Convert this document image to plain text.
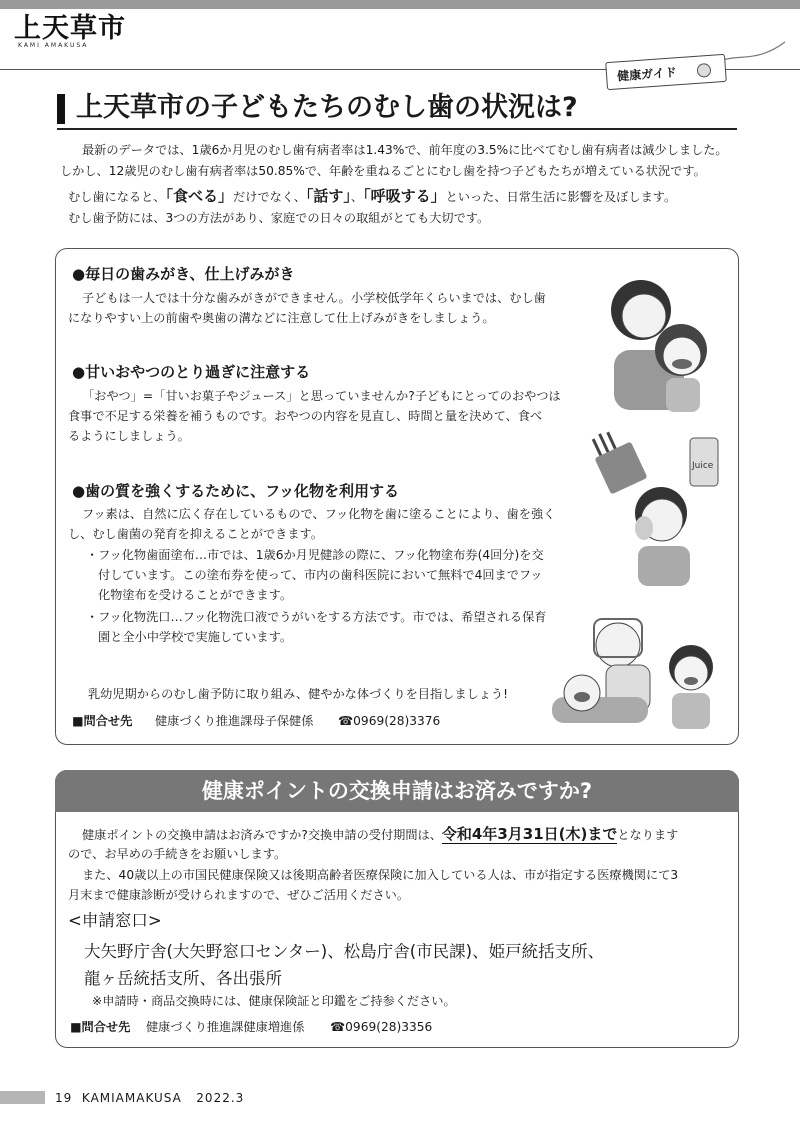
上天草市
KAMI AMAKUSA
健康ガイド
上天草市の子どもたちのむし歯の状況は?
最新のデータでは、1歳6か月児のむし歯有病者率は1.43%で、前年度の3.5%に比べてむし歯有病者は減少しました。
しかし、12歳児のむし歯有病者率は50.85%で、年齢を重ねるごとにむし歯を持つ子どもたちが増えている状況です。
むし歯になると、「食べる」だけでなく、「話す」、「呼吸する」といった、日常生活に影響を及ぼします。
むし歯予防には、3つの方法があり、家庭での日々の取組がとても大切です。
●毎日の歯みがき、仕上げみがき
子どもは一人では十分な歯みがきができません。小学校低学年くらいまでは、むし歯
になりやすい上の前歯や奥歯の溝などに注意して仕上げみがきをしましょう。
●甘いおやつのとり過ぎに注意する
「おやつ」=「甘いお菓子やジュース」と思っていませんか?子どもにとってのおやつは
食事で不足する栄養を補うものです。おやつの内容を見直し、時間と量を決めて、食べ
るようにしましょう。
●歯の質を強くするために、フッ化物を利用する
フッ素は、自然に広く存在しているもので、フッ化物を歯に塗ることにより、歯を強く
し、むし歯菌の発育を抑えることができます。
・フッ化物歯面塗布…市では、1歳6か月児健診の際に、フッ化物塗布券(4回分)を交
付しています。この塗布券を使って、市内の歯科医院において無料で4回までフッ
化物塗布を受けることができます。
・フッ化物洗口…フッ化物洗口液でうがいをする方法です。市では、希望される保育
園と全小中学校で実施しています。
乳幼児期からのむし歯予防に取り組み、健やかな体づくりを目指しましょう!
■問合せ先 健康づくり推進課母子保健係 ☎0969(28)3376
Juice
健康ポイントの交換申請はお済みですか?
健康ポイントの交換申請はお済みですか?交換申請の受付期間は、令和4年3月31日(木)までとなります
ので、お早めの手続きをお願いします。
また、40歳以上の市国民健康保険又は後期高齢者医療保険に加入している人は、市が指定する医療機関にて3
月末まで健康診断が受けられますので、ぜひご活用ください。
<申請窓口>
大矢野庁舎(大矢野窓口センター)、松島庁舎(市民課)、姫戸統括支所、
龍ヶ岳統括支所、各出張所
※申請時・商品交換時には、健康保険証と印鑑をご持参ください。
■問合せ先 健康づくり推進課健康増進係 ☎0969(28)3356
19 KAMIAMAKUSA 2022.3
